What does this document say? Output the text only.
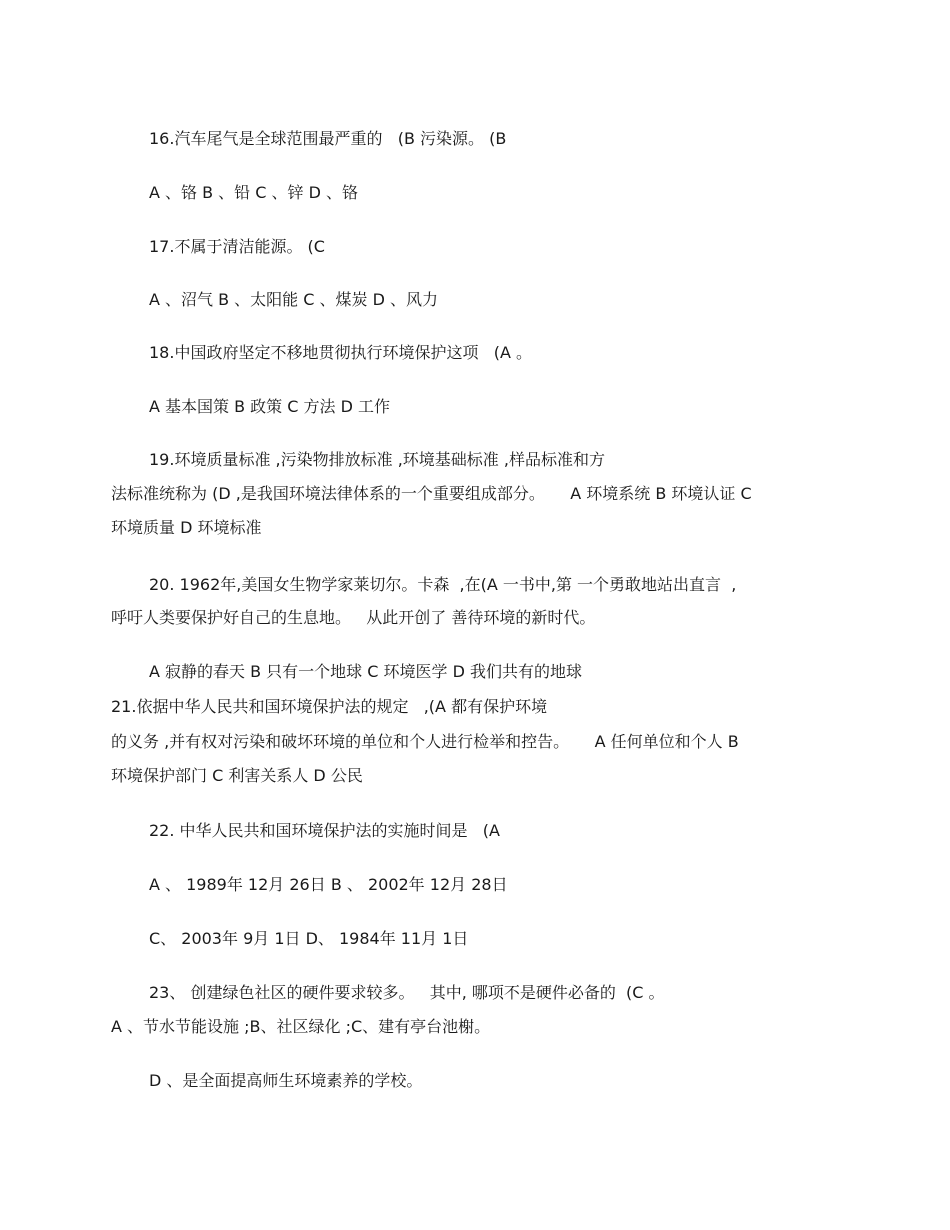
16.汽车尾气是全球范围最严重的   (B 污染源。 (B

A 、铬 B 、铅 C 、锌 D 、铬

17.不属于清洁能源。 (C

A 、沼气 B 、太阳能 C 、煤炭 D 、风力

18.中国政府坚定不移地贯彻执行环境保护这项   (A 。

A 基本国策 B 政策 C 方法 D 工作

19.环境质量标准 ,污染物排放标准 ,环境基础标准 ,样品标准和方

法标准统称为 (D ,是我国环境法律体系的一个重要组成部分。     A 环境系统 B 环境认证 C

环境质量 D 环境标准

20. 1962年,美国女生物学家莱切尔。卡森  ,在(A 一书中,第 一个勇敢地站出直言  ,

呼吁人类要保护好自己的生息地。   从此开创了 善待环境的新时代。

A 寂静的春天 B 只有一个地球 C 环境医学 D 我们共有的地球

21.依据中华人民共和国环境保护法的规定   ,(A 都有保护环境

的义务 ,并有权对污染和破坏环境的单位和个人进行检举和控告。     A 任何单位和个人 B

环境保护部门 C 利害关系人 D 公民

22. 中华人民共和国环境保护法的实施时间是   (A

A 、 1989年 12月 26日 B 、 2002年 12月 28日

C、 2003年 9月 1日 D、 1984年 11月 1日

23、 创建绿色社区的硬件要求较多。   其中, 哪项不是硬件必备的  (C 。

A 、节水节能设施 ;B、社区绿化 ;C、建有亭台池榭。

D 、是全面提高师生环境素养的学校。
